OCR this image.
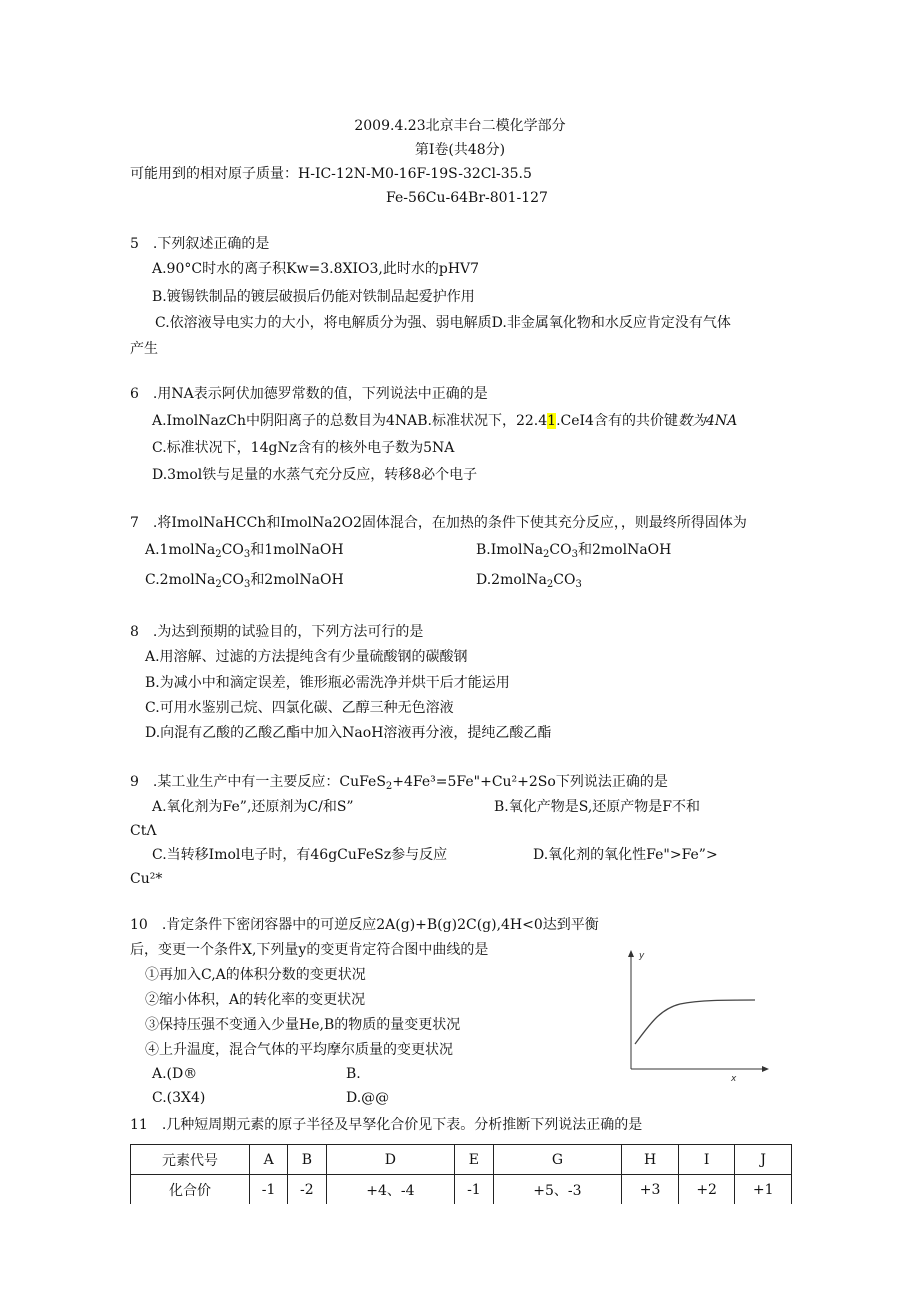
2009.4.23北京丰台二模化学部分
第I卷(共48分)
可能用到的相对原子质量：H-IC-12N-M0-16F-19S-32Cl-35.5
Fe-56Cu-64Br-801-127
5　.下列叙述正确的是
A.90°C时水的离子积Kw=3.8XIO3,此时水的pHV7
B.镀锡铁制品的镀层破损后仍能对铁制品起爱护作用
C.依溶液导电实力的大小，将电解质分为强、弱电解质D.非金属氧化物和水反应肯定没有气体
产生
6　.用NA表示阿伏加德罗常数的值，下列说法中正确的是
A.ImolNazCh中阴阳离子的总数目为4NAB.标准状况下，22.41.CeI4含有的共价键数为4NA
C.标准状况下，14gNz含有的核外电子数为5NA
D.3mol铁与足量的水蒸气充分反应，转移8必个电子
7　.将ImolNaHCCh和ImolNa2O2固体混合，在加热的条件下使其充分反应，，则最终所得固体为
$A.1molNa_2CO_3$和1molNaOH	$B.ImolNa_2CO_3$和2molNaOH
$C.2molNa_2CO_3$和2molNaOH	$D.2molNa_2CO_3$
8　.为达到预期的试验目的，下列方法可行的是
A.用溶解、过滤的方法提纯含有少量硫酸钢的碳酸钢
B.为减小中和滴定误差，锥形瓶必需洗净并烘干后才能运用
C.可用水鉴别己烷、四氯化碳、乙醇三种无色溶液
D.向混有乙酸的乙酸乙酯中加入NaoH溶液再分液，提纯乙酸乙酯
9　.某工业生产中有一主要反应：CuFeS$_2$+4Fe³=5Fe"+Cu²+2So下列说法正确的是
A.氧化剂为Fe”,还原剂为C/和S”	B.氧化产物是S,还原产物是F不和
CtΛ
C.当转移Imol电子时，有46gCuFeSz参与反应	D.氧化剂的氧化性Fe">Fe”>
Cu²*
10　.肯定条件下密闭容器中的可逆反应2A(g)+B(g)2C(g),4H<0达到平衡
后，变更一个条件X,下列量y的变更肯定符合图中曲线的是
①再加入C,A的体积分数的变更状况
②缩小体积，A的转化率的变更状况
③保持压强不变通入少量He,B的物质的量变更状况
④上升温度，混合气体的平均摩尔质量的变更状况
A.(D®	B.
C.(3X4)	D.@@
y
x
11　.几种短周期元素的原子半径及早孥化合价见下表。分析推断下列说法正确的是
元素代号	A	B	D	E	G	H	I	J
化合价	-1	-2	+4、-4	-1	+5、-3	+3	+2	+1
